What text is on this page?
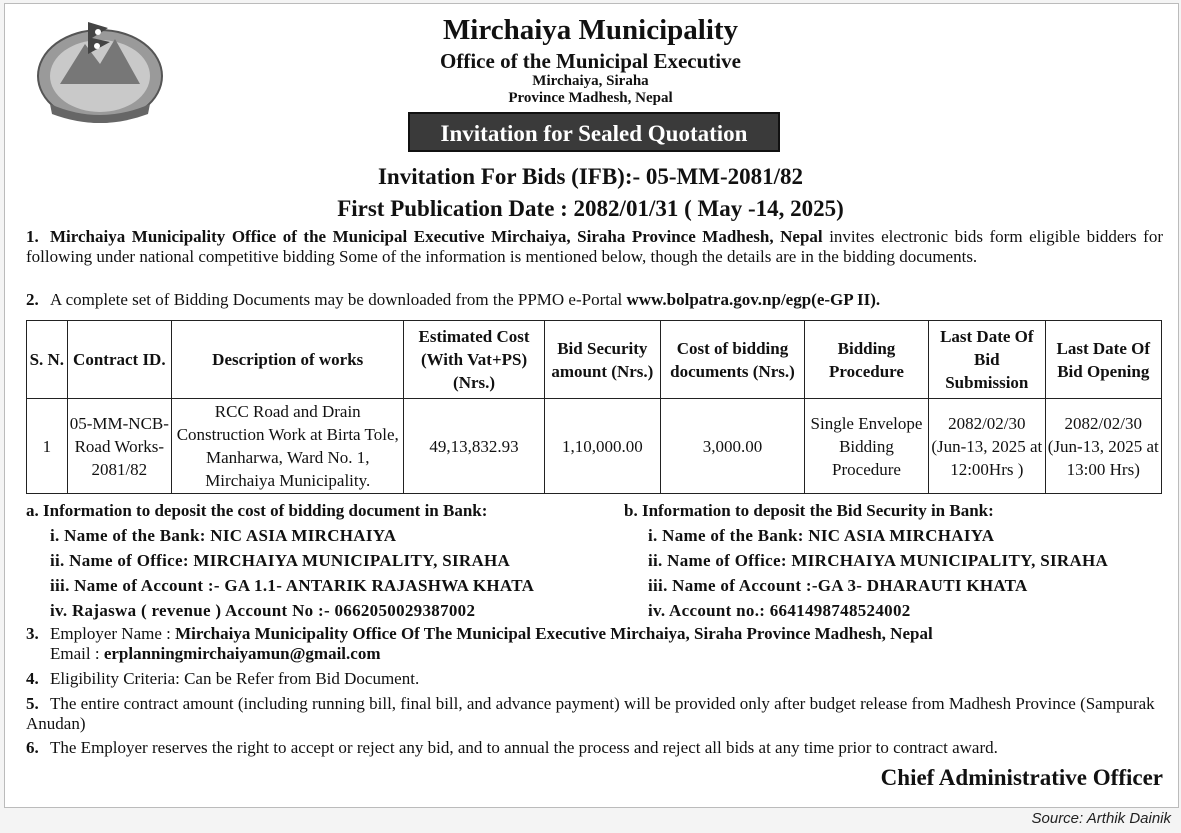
Mirchaiya Municipality
Office of the Municipal Executive
Mirchaiya, Siraha
Province Madhesh, Nepal
Invitation for Sealed Quotation
Invitation For Bids (IFB):- 05-MM-2081/82
First Publication Date : 2082/01/31 ( May -14, 2025)
1. Mirchaiya Municipality Office of the Municipal Executive Mirchaiya, Siraha Province Madhesh, Nepal invites electronic bids form eligible bidders for following under national competitive bidding Some of the information is mentioned below, though the details are in the bidding documents.
2. A complete set of Bidding Documents may be downloaded from the PPMO e-Portal www.bolpatra.gov.np/egp(e-GP II).
S. N.	Contract ID.	Description of works	Estimated Cost (With Vat+PS) (Nrs.)	Bid Security amount (Nrs.)	Cost of bidding documents (Nrs.)	Bidding Procedure	Last Date Of Bid Submission	Last Date Of Bid Opening
1	05-MM-NCB-Road Works-2081/82	RCC Road and Drain Construction Work at Birta Tole, Manharwa, Ward No. 1, Mirchaiya Municipality.	49,13,832.93	1,10,000.00	3,000.00	Single Envelope Bidding Procedure	2082/02/30 (Jun-13, 2025 at 12:00Hrs )	2082/02/30 (Jun-13, 2025 at 13:00 Hrs)
a. Information to deposit the cost of bidding document in Bank:
i. Name of the Bank: NIC ASIA MIRCHAIYA
ii. Name of Office: MIRCHAIYA MUNICIPALITY, SIRAHA
iii. Name of Account :- GA 1.1- ANTARIK RAJASHWA KHATA
iv. Rajaswa ( revenue ) Account No :- 0662050029387002
b. Information to deposit the Bid Security in Bank:
i. Name of the Bank: NIC ASIA MIRCHAIYA
ii. Name of Office: MIRCHAIYA MUNICIPALITY, SIRAHA
iii. Name of Account :-GA 3- DHARAUTI KHATA
iv. Account no.: 6641498748524002
3. Employer Name : Mirchaiya Municipality Office Of The Municipal Executive Mirchaiya, Siraha Province Madhesh, Nepal
Email : erplanningmirchaiyamun@gmail.com
4. Eligibility Criteria: Can be Refer from Bid Document.
5. The entire contract amount (including running bill, final bill, and advance payment) will be provided only after budget release from Madhesh Province (Sampurak Anudan)
6. The Employer reserves the right to accept or reject any bid, and to annual the process and reject all bids at any time prior to contract award.
Chief Administrative Officer
Source: Arthik Dainik
